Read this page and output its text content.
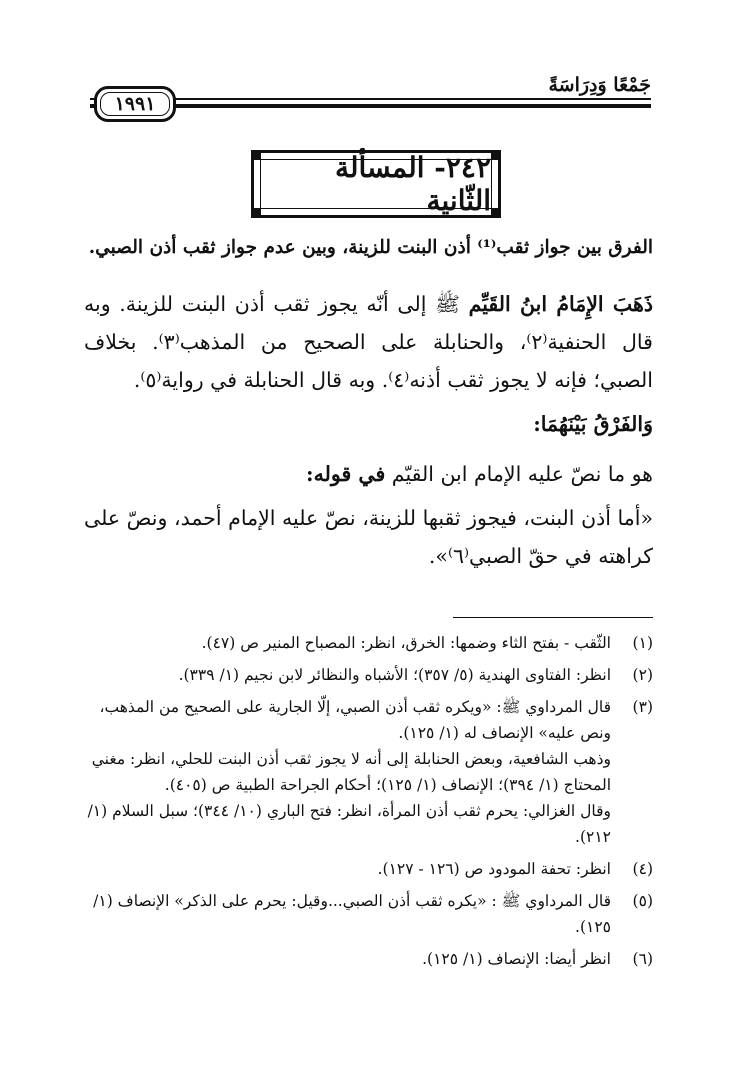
جَمْعًا وَدِرَاسَةً
١٩٩١
٢٤٢- المسألة الثّانية
الفرق بين جواز ثقب⁽¹⁾ أذن البنت للزينة، وبين عدم جواز ثقب أذن الصبي.

ذَهَبَ الإِمَامُ ابنُ القَيِّم ﷺ إلى أنّه يجوز ثقب أذن البنت للزينة. وبه قال الحنفية⁽٢⁾، والحنابلة على الصحيح من المذهب⁽٣⁾. بخلاف الصبي؛ فإنه لا يجوز ثقب أذنه⁽٤⁾. وبه قال الحنابلة في رواية⁽٥⁾.

وَالفَرْقُ بَيْنَهُمَا:

هو ما نصّ عليه الإمام ابن القيّم في قوله:

«أما أذن البنت، فيجوز ثقبها للزينة، نصّ عليه الإمام أحمد، ونصّ على كراهته في حقّ الصبي⁽٦⁾».

(١)
الثّقب - بفتح الثاء وضمها: الخرق، انظر: المصباح المنير ص (٤٧).
(٢)
انظر: الفتاوى الهندية (٥/ ٣٥٧)؛ الأشباه والنظائر لابن نجيم (١/ ٣٣٩).
(٣)
قال المرداوي ﷺ: «ويكره ثقب أذن الصبي، إلّا الجارية على الصحيح من المذهب، ونص عليه» الإنصاف له (١/ ١٢٥).
وذهب الشافعية، وبعض الحنابلة إلى أنه لا يجوز ثقب أذن البنت للحلي، انظر: مغني المحتاج (١/ ٣٩٤)؛ الإنصاف (١/ ١٢٥)؛ أحكام الجراحة الطبية ص (٤٠٥).
وقال الغزالي: يحرم ثقب أذن المرأة، انظر: فتح الباري (١٠/ ٣٤٤)؛ سبل السلام (١/ ٢١٢).
(٤)
انظر: تحفة المودود ص (١٢٦ - ١٢٧).
(٥)
قال المرداوي ﷺ : «يكره ثقب أذن الصبي...وقيل: يحرم على الذكر» الإنصاف (١/ ١٢٥).
(٦)
انظر أيضا: الإنصاف (١/ ١٢٥).
